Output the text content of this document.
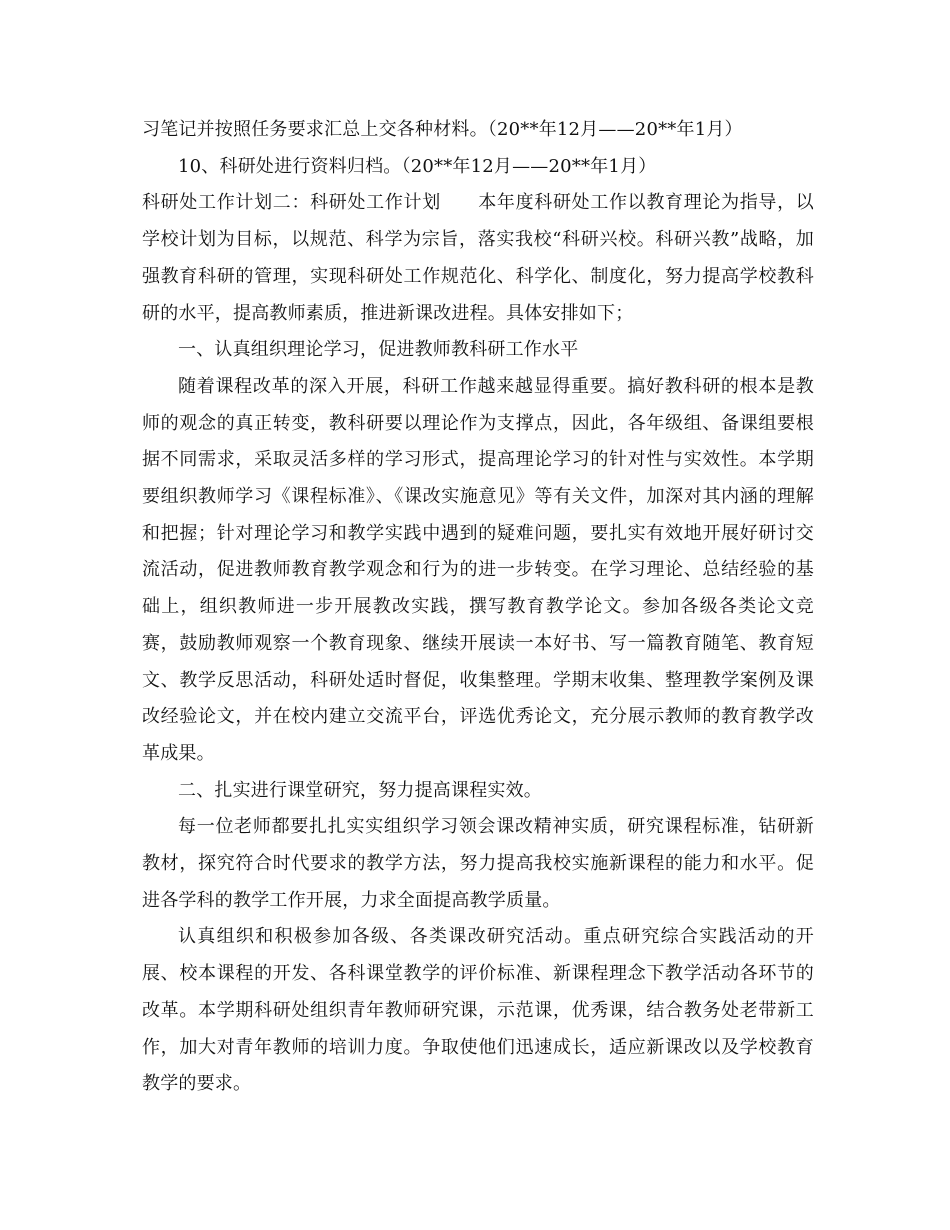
习笔记并按照任务要求汇总上交各种材料。（20**年12月——20**年1月）

10、科研处进行资料归档。（20**年12月——20**年1月）

科研处工作计划二：科研处工作计划　　本年度科研处工作以教育理论为指导，以学校计划为目标，以规范、科学为宗旨，落实我校“科研兴校。科研兴教”战略，加强教育科研的管理，实现科研处工作规范化、科学化、制度化，努力提高学校教科研的水平，提高教师素质，推进新课改进程。具体安排如下；

一、认真组织理论学习，促进教师教科研工作水平

随着课程改革的深入开展，科研工作越来越显得重要。搞好教科研的根本是教师的观念的真正转变，教科研要以理论作为支撑点，因此，各年级组、备课组要根据不同需求，采取灵活多样的学习形式，提高理论学习的针对性与实效性。本学期要组织教师学习《课程标准》、《课改实施意见》等有关文件，加深对其内涵的理解和把握；针对理论学习和教学实践中遇到的疑难问题，要扎实有效地开展好研讨交流活动，促进教师教育教学观念和行为的进一步转变。在学习理论、总结经验的基础上，组织教师进一步开展教改实践，撰写教育教学论文。参加各级各类论文竞赛，鼓励教师观察一个教育现象、继续开展读一本好书、写一篇教育随笔、教育短文、教学反思活动，科研处适时督促，收集整理。学期末收集、整理教学案例及课改经验论文，并在校内建立交流平台，评选优秀论文，充分展示教师的教育教学改革成果。

二、扎实进行课堂研究，努力提高课程实效。

每一位老师都要扎扎实实组织学习领会课改精神实质，研究课程标准，钻研新教材，探究符合时代要求的教学方法，努力提高我校实施新课程的能力和水平。促进各学科的教学工作开展，力求全面提高教学质量。

认真组织和积极参加各级、各类课改研究活动。重点研究综合实践活动的开展、校本课程的开发、各科课堂教学的评价标准、新课程理念下教学活动各环节的改革。本学期科研处组织青年教师研究课，示范课，优秀课，结合教务处老带新工作，加大对青年教师的培训力度。争取使他们迅速成长，适应新课改以及学校教育教学的要求。
